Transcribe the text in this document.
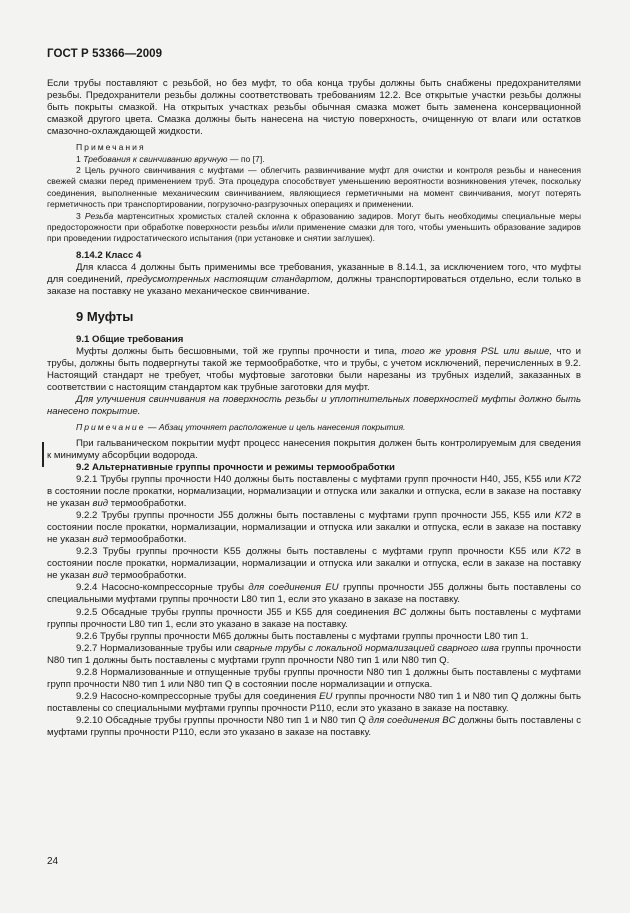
ГОСТ Р 53366—2009

Если трубы поставляют с резьбой, но без муфт, то оба конца трубы должны быть снабжены предохранителями резьбы. Предохранители резьбы должны соответствовать требованиям 12.2. Все открытые участки резьбы должны быть покрыты смазкой. На открытых участках резьбы обычная смазка может быть заменена консервационной смазкой другого цвета. Смазка должны быть нанесена на чистую поверхность, очищенную от влаги или остатков смазочно-охлаждающей жидкости.

Примечания

1 Требования к свинчиванию вручную — по [7].

2 Цель ручного свинчивания с муфтами — облегчить развинчивание муфт для очистки и контроля резьбы и нанесения свежей смазки перед применением труб. Эта процедура способствует уменьшению вероятности возникновения утечек, поскольку соединения, выполненные механическим свинчиванием, являющиеся герметичными на момент свинчивания, могут потерять герметичность при транспортировании, погрузочно-разгрузочных операциях и применении.

3 Резьба мартенситных хромистых сталей склонна к образованию задиров. Могут быть необходимы специальные меры предосторожности при обработке поверхности резьбы и/или применение смазки для того, чтобы уменьшить образование задиров при проведении гидростатического испытания (при установке и снятии заглушек).

8.14.2 Класс 4

Для класса 4 должны быть применимы все требования, указанные в 8.14.1, за исключением того, что муфты для соединений, предусмотренных настоящим стандартом, должны транспортироваться отдельно, если только в заказе на поставку не указано механическое свинчивание.

9 Муфты

9.1 Общие требования

Муфты должны быть бесшовными, той же группы прочности и типа, того же уровня PSL или выше, что и трубы, должны быть подвергнуты такой же термообработке, что и трубы, с учетом исключений, перечисленных в 9.2. Настоящий стандарт не требует, чтобы муфтовые заготовки были нарезаны из трубных изделий, заказанных в соответствии с настоящим стандартом как трубные заготовки для муфт.

Для улучшения свинчивания на поверхность резьбы и уплотнительных поверхностей муфты должно быть нанесено покрытие.

Примечание — Абзац уточняет расположение и цель нанесения покрытия.

При гальваническом покрытии муфт процесс нанесения покрытия должен быть контролируемым для сведения к минимуму абсорбции водорода.

9.2 Альтернативные группы прочности и режимы термообработки

9.2.1 Трубы группы прочности H40 должны быть поставлены с муфтами групп прочности H40, J55, K55 или K72 в состоянии после прокатки, нормализации, нормализации и отпуска или закалки и отпуска, если в заказе на поставку не указан вид термообработки.

9.2.2 Трубы группы прочности J55 должны быть поставлены с муфтами групп прочности J55, K55 или K72 в состоянии после прокатки, нормализации, нормализации и отпуска или закалки и отпуска, если в заказе на поставку не указан вид термообработки.

9.2.3 Трубы группы прочности K55 должны быть поставлены с муфтами групп прочности K55 или K72 в состоянии после прокатки, нормализации, нормализации и отпуска или закалки и отпуска, если в заказе на поставку не указан вид термообработки.

9.2.4 Насосно-компрессорные трубы для соединения EU группы прочности J55 должны быть поставлены со специальными муфтами группы прочности L80 тип 1, если это указано в заказе на поставку.

9.2.5 Обсадные трубы группы прочности J55 и K55 для соединения BC должны быть поставлены с муфтами группы прочности L80 тип 1, если это указано в заказе на поставку.

9.2.6 Трубы группы прочности M65 должны быть поставлены с муфтами группы прочности L80 тип 1.

9.2.7 Нормализованные трубы или сварные трубы с локальной нормализацией сварного шва группы прочности N80 тип 1 должны быть поставлены с муфтами групп прочности N80 тип 1 или N80 тип Q.

9.2.8 Нормализованные и отпущенные трубы группы прочности N80 тип 1 должны быть поставлены с муфтами групп прочности N80 тип 1 или N80 тип Q в состоянии после нормализации и отпуска.

9.2.9 Насосно-компрессорные трубы для соединения EU группы прочности N80 тип 1 и N80 тип Q должны быть поставлены со специальными муфтами группы прочности P110, если это указано в заказе на поставку.

9.2.10 Обсадные трубы группы прочности N80 тип 1 и N80 тип Q для соединения BC должны быть поставлены с муфтами группы прочности P110, если это указано в заказе на поставку.

24
